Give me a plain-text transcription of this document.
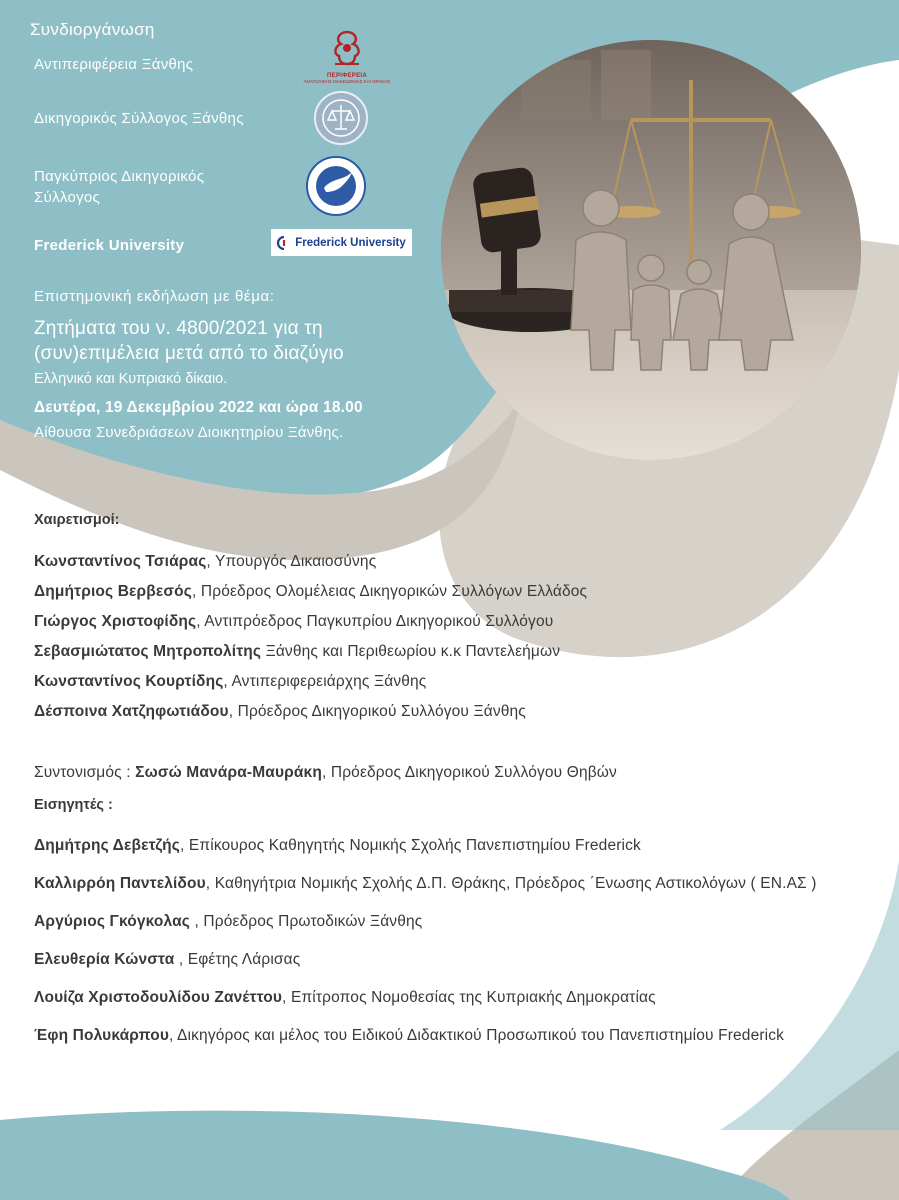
Συνδιοργάνωση
Αντιπεριφέρεια Ξάνθης
Δικηγορικός Σύλλογος Ξάνθης
Παγκύπριος Δικηγορικός Σύλλογος
Frederick University
ΠΕΡΙΦΕΡΕΙΑ
ΑΝΑΤΟΛΙΚΗΣ ΜΑΚΕΔΟΝΙΑΣ ΚΑΙ ΘΡΑΚΗΣ
Frederick University
Επιστημονική εκδήλωση με θέμα:
Ζητήματα του ν. 4800/2021 για τη
(συν)επιμέλεια μετά από το διαζύγιο
Ελληνικό και Κυπριακό δίκαιο.
Δευτέρα, 19 Δεκεμβρίου 2022 και ώρα 18.00
Αίθουσα Συνεδριάσεων Διοικητηρίου Ξάνθης.
Χαιρετισμοί:
Κωνσταντίνος Τσιάρας, Υπουργός Δικαιοσύνης
Δημήτριος Βερβεσός, Πρόεδρος Ολομέλειας Δικηγορικών Συλλόγων Ελλάδος
Γιώργος Χριστοφίδης, Αντιπρόεδρος Παγκυπρίου Δικηγορικού Συλλόγου
Σεβασμιώτατος Μητροπολίτης Ξάνθης και Περιθεωρίου κ.κ Παντελεήμων
Κωνσταντίνος Κουρτίδης, Αντιπεριφερειάρχης Ξάνθης
Δέσποινα Χατζηφωτιάδου, Πρόεδρος Δικηγορικού Συλλόγου Ξάνθης
Συντονισμός : Σωσώ Μανάρα-Μαυράκη, Πρόεδρος Δικηγορικού Συλλόγου Θηβών
Εισηγητές :
Δημήτρης Δεβετζής, Επίκουρος Καθηγητής Νομικής Σχολής Πανεπιστημίου Frederick
Καλλιρρόη Παντελίδου, Καθηγήτρια Νομικής Σχολής Δ.Π. Θράκης, Πρόεδρος ΄Ενωσης Αστικολόγων ( ΕΝ.ΑΣ )
Αργύριος Γκόγκολας , Πρόεδρος Πρωτοδικών Ξάνθης
Ελευθερία Κώνστα , Εφέτης Λάρισας
Λουίζα Χριστοδουλίδου Ζανέττου, Επίτροπος Νομοθεσίας της Κυπριακής Δημοκρατίας
Έφη Πολυκάρπου, Δικηγόρος και μέλος του Ειδικού Διδακτικού Προσωπικού του Πανεπιστημίου Frederick
